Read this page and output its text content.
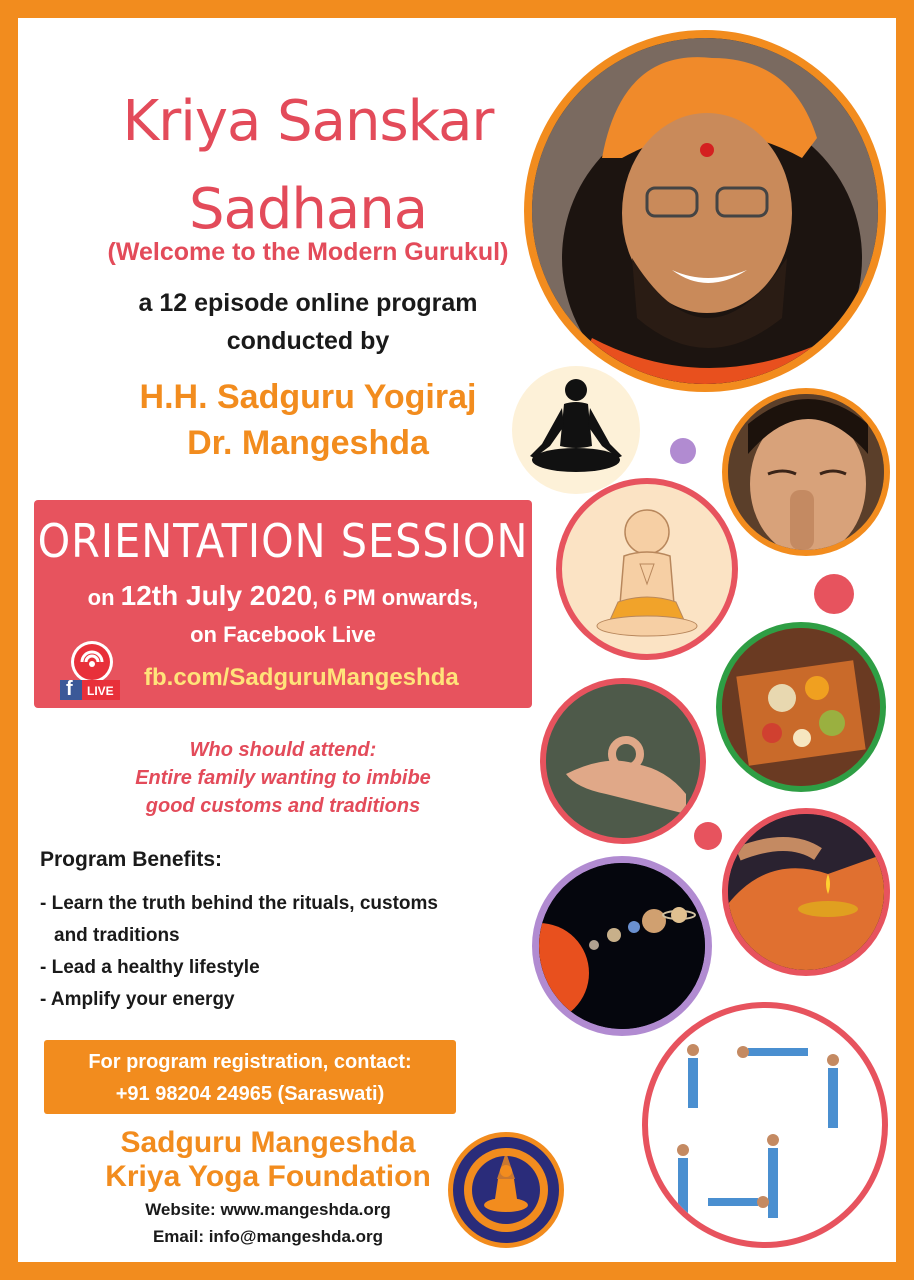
Kriya Sanskar
Sadhana
(Welcome to the Modern Gurukul)
a 12 episode online program
conducted by
H.H. Sadguru Yogiraj
Dr. Mangeshda
ORIENTATION SESSION
on 12th July 2020, 6 PM onwards,
on Facebook Live
f LIVE fb.com/SadguruMangeshda
Who should attend:
Entire family wanting to imbibe
good customs and traditions
Program Benefits:
- Learn the truth behind the rituals, customs
and traditions
- Lead a healthy lifestyle
- Amplify your energy
For program registration, contact:
+91 98204 24965 (Saraswati)
Sadguru Mangeshda
Kriya Yoga Foundation
Website: www.mangeshda.org
Email: info@mangeshda.org
